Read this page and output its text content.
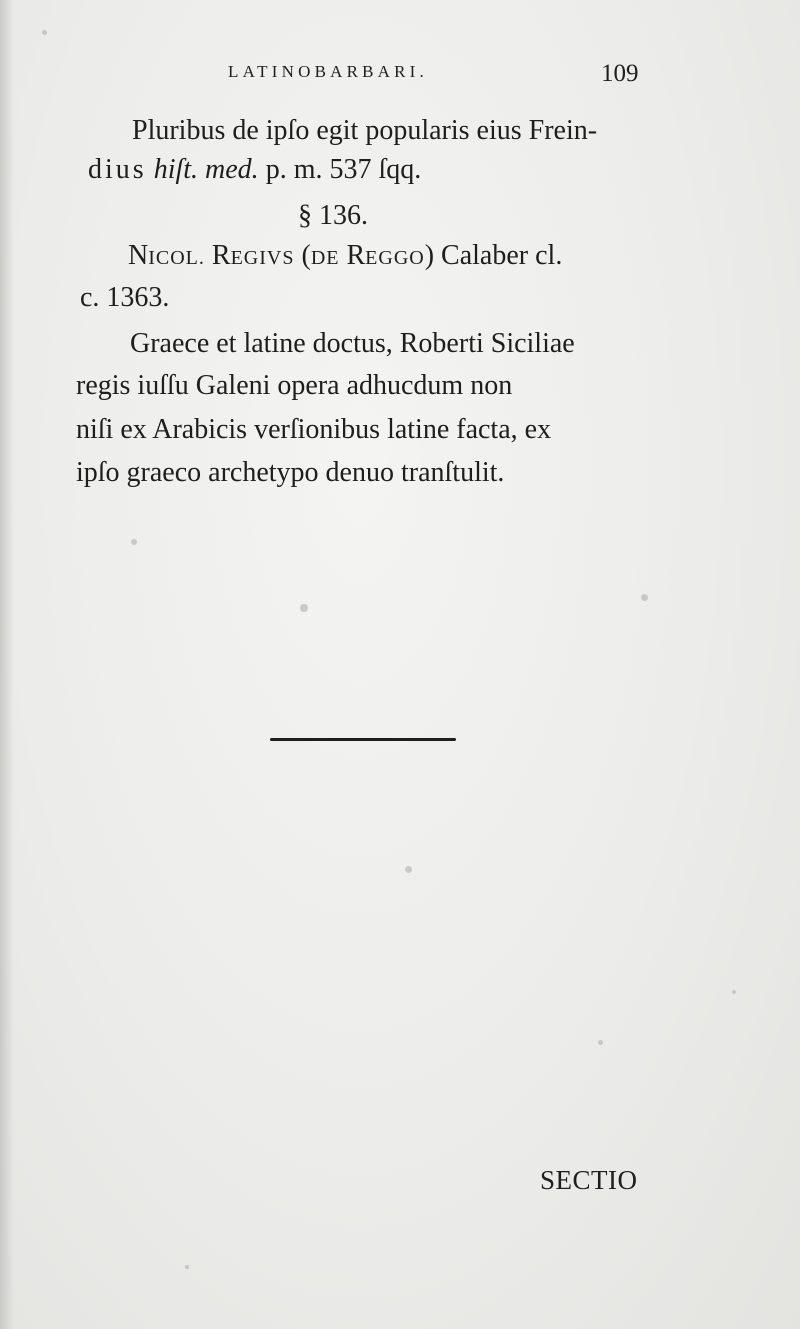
LATINOBARBARI.	109
Pluribus de ipſo egit popularis eius Frein-
dius hiſt. med. p. m. 537 ſqq.
§ 136.
NICOL. REGIVS (DE REGGO) Calaber cl.
c. 1363.
Graece et latine doctus, Roberti Siciliae
regis iuſſu Galeni opera adhucdum non
niſi ex Arabicis verſionibus latine facta, ex
ipſo graeco archetypo denuo tranſtulit.
SECTIO
